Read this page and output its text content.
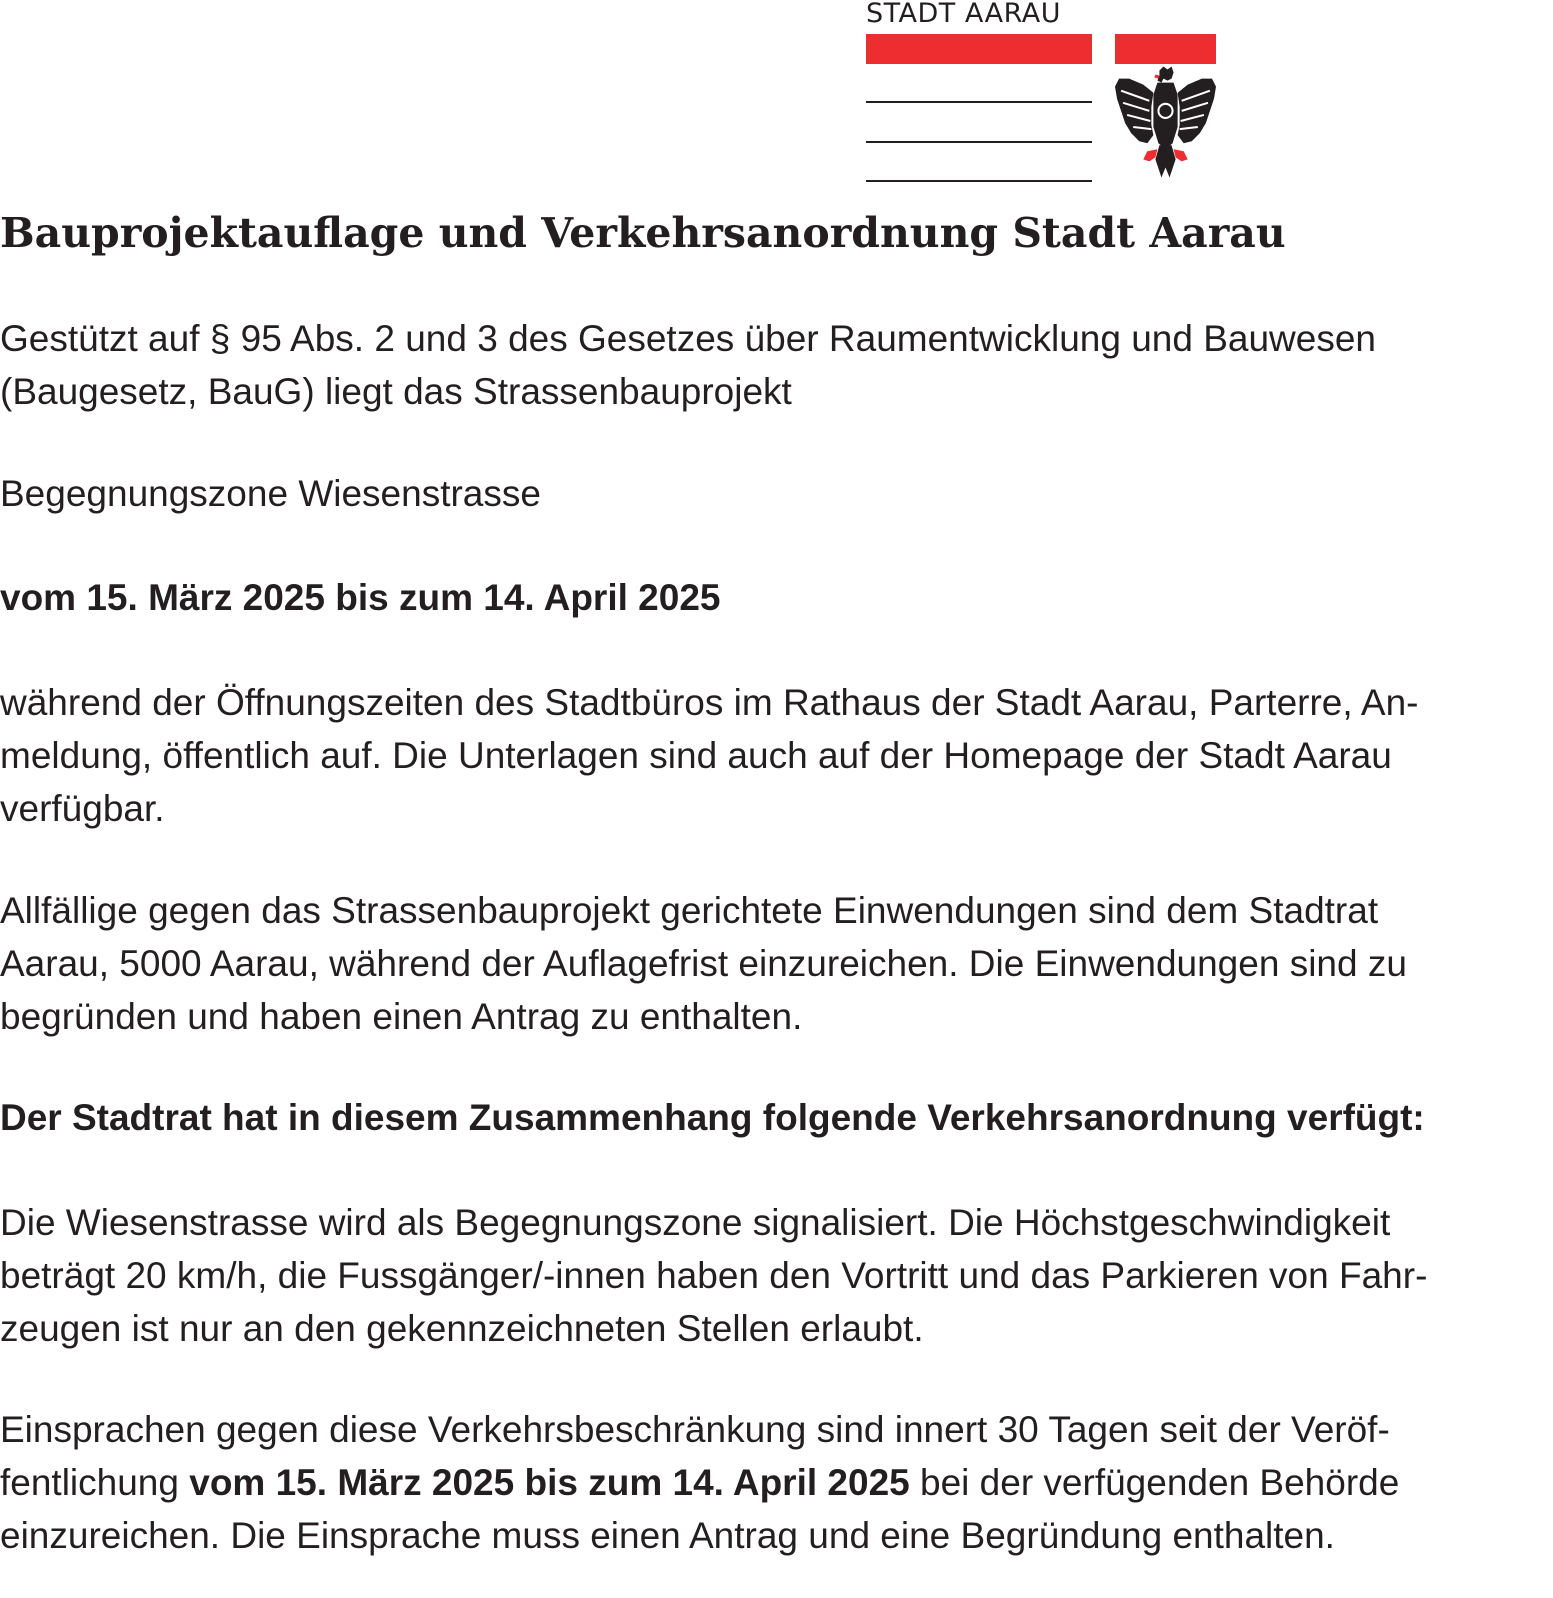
STADT AARAU
Bauprojektauflage und Verkehrsanordnung Stadt Aarau

Gestützt auf § 95 Abs. 2 und 3 des Gesetzes über Raumentwicklung und Bauwesen
(Baugesetz, BauG) liegt das Strassenbauprojekt

Begegnungszone Wiesenstrasse

vom 15. März 2025 bis zum 14. April 2025

während der Öffnungszeiten des Stadtbüros im Rathaus der Stadt Aarau, Parterre, An-
meldung, öffentlich auf. Die Unterlagen sind auch auf der Homepage der Stadt Aarau
verfügbar.

Allfällige gegen das Strassenbauprojekt gerichtete Einwendungen sind dem Stadtrat
Aarau, 5000 Aarau, während der Auflagefrist einzureichen. Die Einwendungen sind zu
begründen und haben einen Antrag zu enthalten.

Der Stadtrat hat in diesem Zusammenhang folgende Verkehrsanordnung verfügt:

Die Wiesenstrasse wird als Begegnungszone signalisiert. Die Höchstgeschwindigkeit
beträgt 20 km/h, die Fussgänger/-innen haben den Vortritt und das Parkieren von Fahr-
zeugen ist nur an den gekennzeichneten Stellen erlaubt.

Einsprachen gegen diese Verkehrsbeschränkung sind innert 30 Tagen seit der Veröf-
fentlichung vom 15. März 2025 bis zum 14. April 2025 bei der verfügenden Behörde
einzureichen. Die Einsprache muss einen Antrag und eine Begründung enthalten.
